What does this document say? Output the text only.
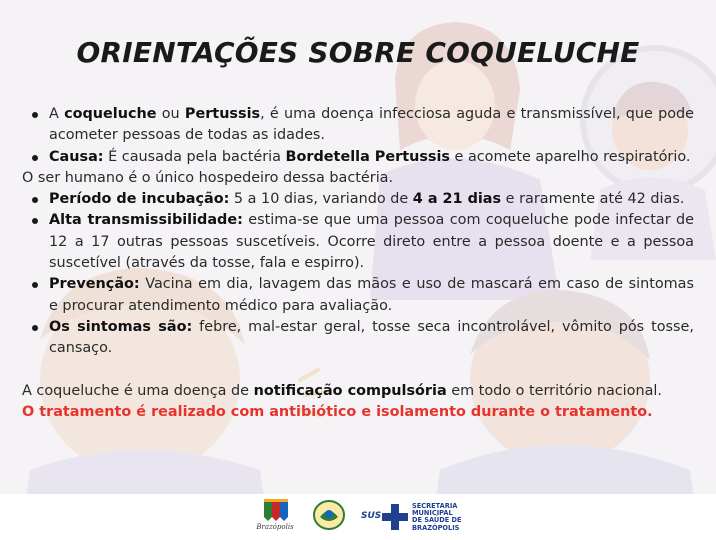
ORIENTAÇÕES SOBRE COQUELUCHE
A coqueluche ou Pertussis, é uma doença infecciosa aguda e transmissível, que pode acometer pessoas de todas as idades.
Causa: É causada pela bactéria Bordetella Pertussis e acomete aparelho respiratório.
O ser humano é o único hospedeiro dessa bactéria.
Período de incubação: 5 a 10 dias, variando de 4 a 21 dias e raramente até 42 dias.
Alta transmissibilidade: estima-se que uma pessoa com coqueluche pode infectar de 12 a 17 outras pessoas suscetíveis. Ocorre direto entre a pessoa doente e a pessoa suscetível (através da tosse, fala e espirro).
Prevenção: Vacina em dia, lavagem das mãos e uso de mascará em caso de sintomas e procurar atendimento médico para avaliação.
Os sintomas são: febre, mal-estar geral, tosse seca incontrolável, vômito pós tosse, cansaço.
A coqueluche é uma doença de notificação compulsória em todo o território nacional.
O tratamento é realizado com antibiótico e isolamento durante o tratamento.
Brazópolis
SUS
SECRETARIA
MUNICIPAL
DE SAÚDE DE
BRAZÓPOLIS
